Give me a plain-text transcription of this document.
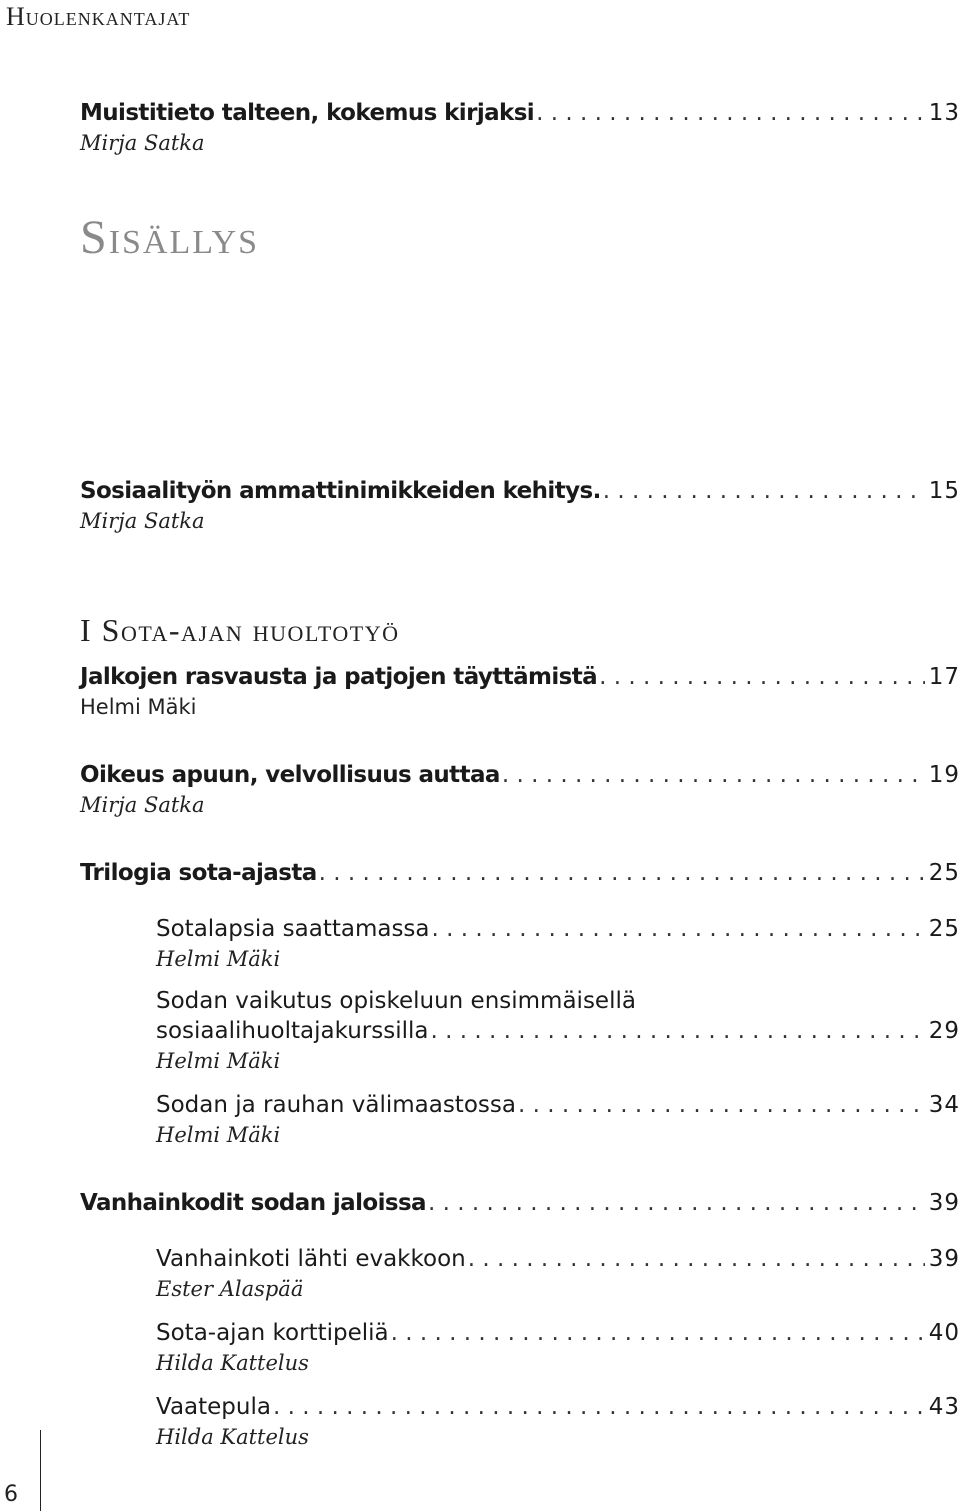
Huolenkantajat
Sisällys
Muistitieto talteen, kokemus kirjaksi . . .	13
Mirja Satka
Sosiaalityön ammattinimikkeiden kehitys. . . .	15
Mirja Satka
I Sota-ajan huoltotyö
Jalkojen rasvausta ja patjojen täyttämistä . . .	17
Helmi Mäki
Oikeus apuun, velvollisuus auttaa . . .	19
Mirja Satka
Trilogia sota-ajasta . . .	25
Sotalapsia saattamassa . . .	25
Helmi Mäki
Sodan vaikutus opiskeluun ensimmäisellä
sosiaalihuoltajakurssilla . . .	29
Helmi Mäki
Sodan ja rauhan välimaastossa . . .	34
Helmi Mäki
Vanhainkodit sodan jaloissa . . .	39
Vanhainkoti lähti evakkoon . . .	39
Ester Alaspää
Sota-ajan korttipeliä . . .	40
Hilda Kattelus
Vaatepula . . .	43
Hilda Kattelus
6
